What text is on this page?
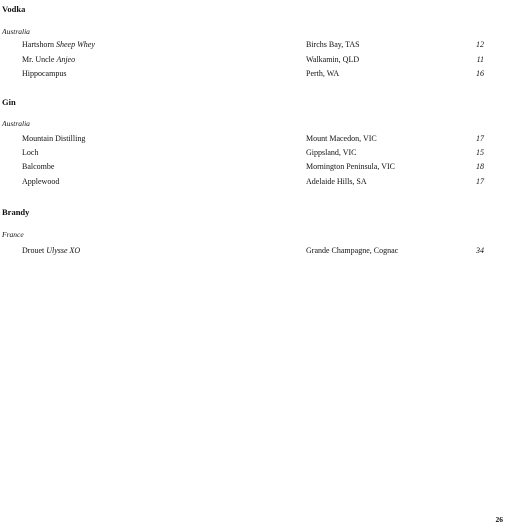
Vodka
Australia
Hartshorn Sheep Whey	Birchs Bay, TAS	12
Mr. Uncle Anjeo	Walkamin, QLD	11
Hippocampus	Perth, WA	16
Gin
Australia
Mountain Distilling	Mount Macedon, VIC	17
Loch	Gippsland, VIC	15
Balcombe	Mornington Peninsula, VIC	18
Applewood	Adelaide Hills, SA	17
Brandy
France
Drouet Ulysse XO	Grande Champagne, Cognac	34
26
